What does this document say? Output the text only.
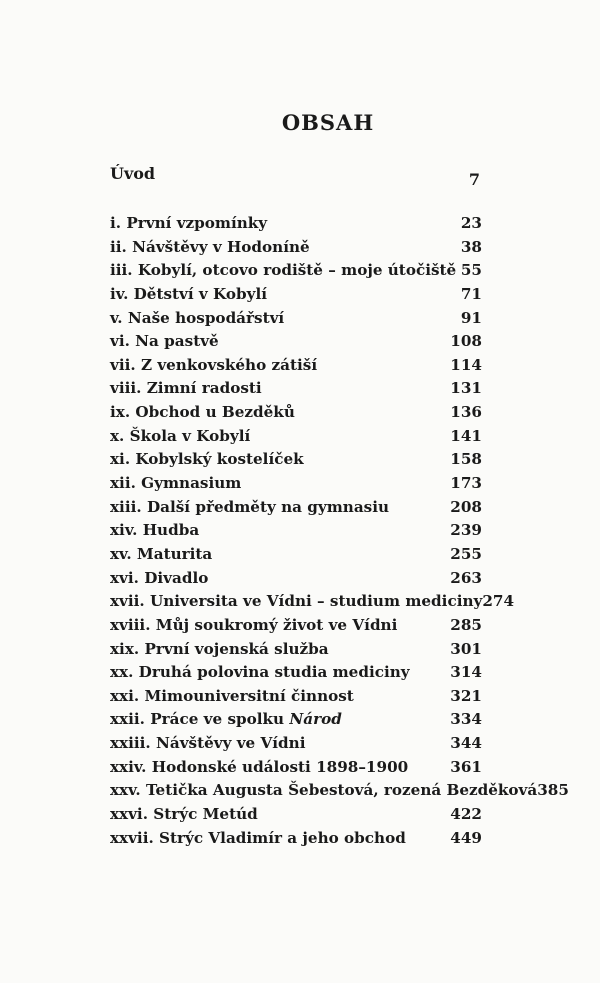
OBSAH
Úvod	7
i. První vzpomínky	23
ii. Návštěvy v Hodoníně	38
iii. Kobylí, otcovo rodiště – moje útočiště 55
iv. Dětství v Kobylí	71
v. Naše hospodářství	91
vi. Na pastvě	108
vii. Z venkovského zátiší	114
viii. Zimní radosti	131
ix. Obchod u Bezděků	136
x. Škola v Kobylí	141
xi. Kobylský kostelíček	158
xii. Gymnasium	173
xiii. Další předměty na gymnasiu	208
xiv. Hudba	239
xv. Maturita	255
xvi. Divadlo	263
xvii. Universita ve Vídni – studium mediciny 274
xviii. Můj soukromý život ve Vídni	285
xix. První vojenská služba	301
xx. Druhá polovina studia mediciny	314
xxi. Mimouniversitní činnost	321
xxii. Práce ve spolku Národ	334
xxiii. Návštěvy ve Vídni	344
xxiv. Hodonské události 1898–1900	361
xxv. Tetička Augusta Šebestová, rozená Bezděková 385
xxvi. Strýc Metúd	422
xxvii. Strýc Vladimír a jeho obchod	449
